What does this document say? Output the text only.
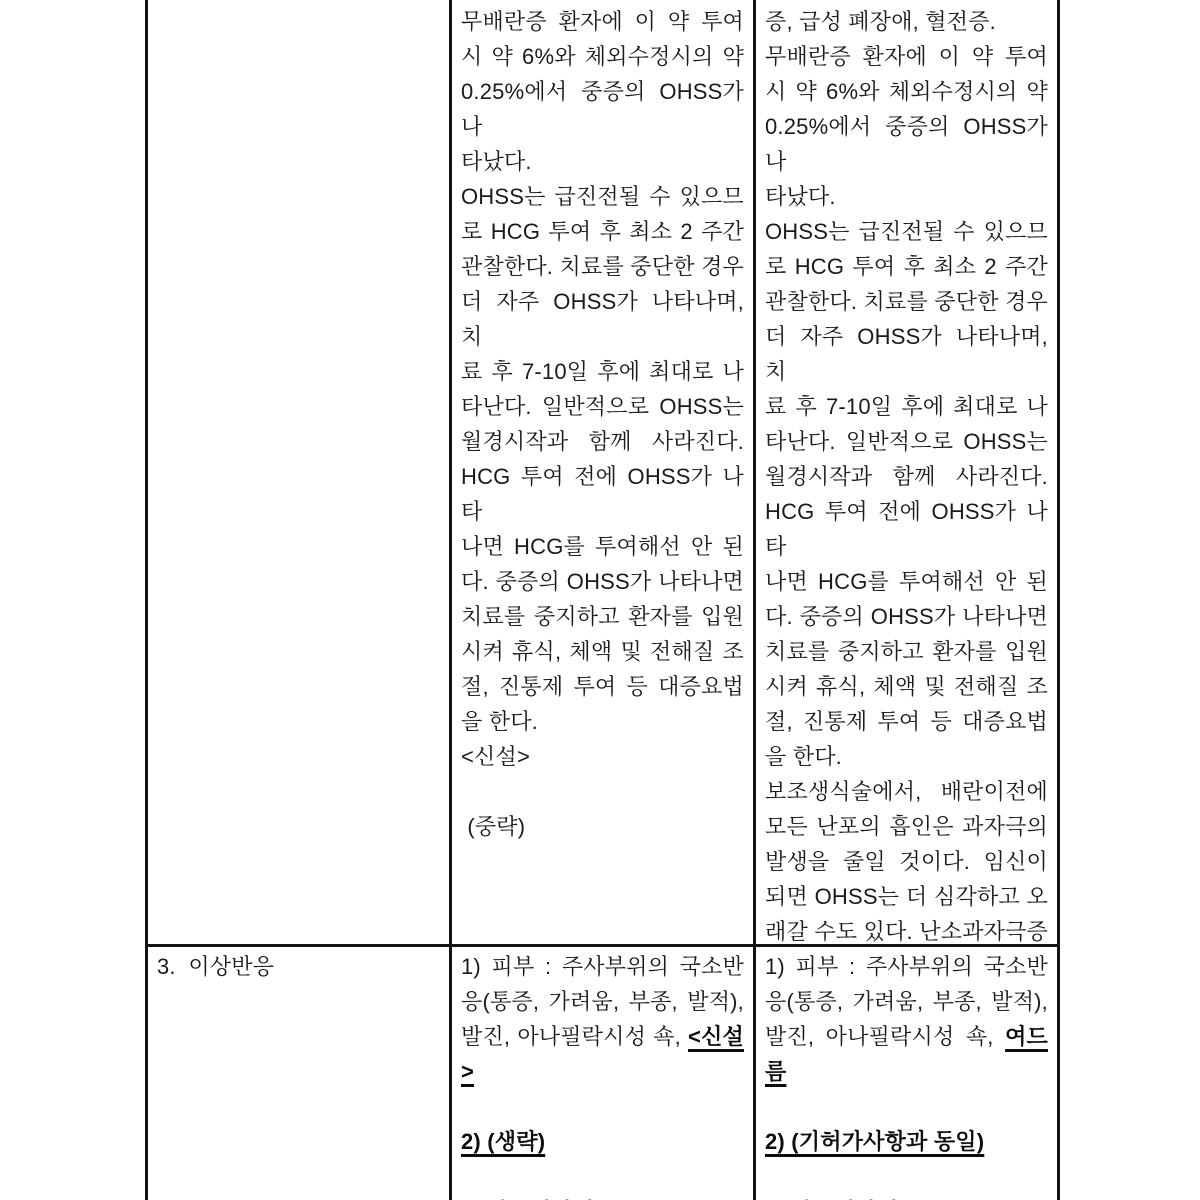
무배란증 환자에 이 약 투여
시 약 6%와 체외수정시의 약
0.25%에서 중증의 OHSS가 나
타났다.
OHSS는 급진전될 수 있으므
로 HCG 투여 후 최소 2 주간
관찰한다. 치료를 중단한 경우
더 자주 OHSS가 나타나며, 치
료 후 7-10일 후에 최대로 나
타난다. 일반적으로 OHSS는
월경시작과 함께 사라진다.
HCG 투여 전에 OHSS가 나타
나면 HCG를 투여해선 안 된
다. 중증의 OHSS가 나타나면
치료를 중지하고 환자를 입원
시켜 휴식, 체액 및 전해질 조
절, 진통제 투여 등 대증요법
을 한다.
<신설>

(중략)
증, 급성 폐장애, 혈전증.
무배란증 환자에 이 약 투여
시 약 6%와 체외수정시의 약
0.25%에서 중증의 OHSS가 나
타났다.
OHSS는 급진전될 수 있으므
로 HCG 투여 후 최소 2 주간
관찰한다. 치료를 중단한 경우
더 자주 OHSS가 나타나며, 치
료 후 7-10일 후에 최대로 나
타난다. 일반적으로 OHSS는
월경시작과 함께 사라진다.
HCG 투여 전에 OHSS가 나타
나면 HCG를 투여해선 안 된
다. 중증의 OHSS가 나타나면
치료를 중지하고 환자를 입원
시켜 휴식, 체액 및 전해질 조
절, 진통제 투여 등 대증요법
을 한다.
보조생식술에서, 배란이전에
모든 난포의 흡인은 과자극의
발생을 줄일 것이다. 임신이
되면 OHSS는 더 심각하고 오
래갈 수도 있다. 난소과자극증
3.  이상반응	1) 피부 : 주사부위의 국소반
응(통증, 가려움, 부종, 발적),
발진, 아나필락시성 쇽, <신설
>

2) (생략)

1) 피부 : 주사부위의 국소반
응(통증, 가려움, 부종, 발적),
발진, 아나필락시성 쇽, 여드름

2) (기허가사항과 동일)
